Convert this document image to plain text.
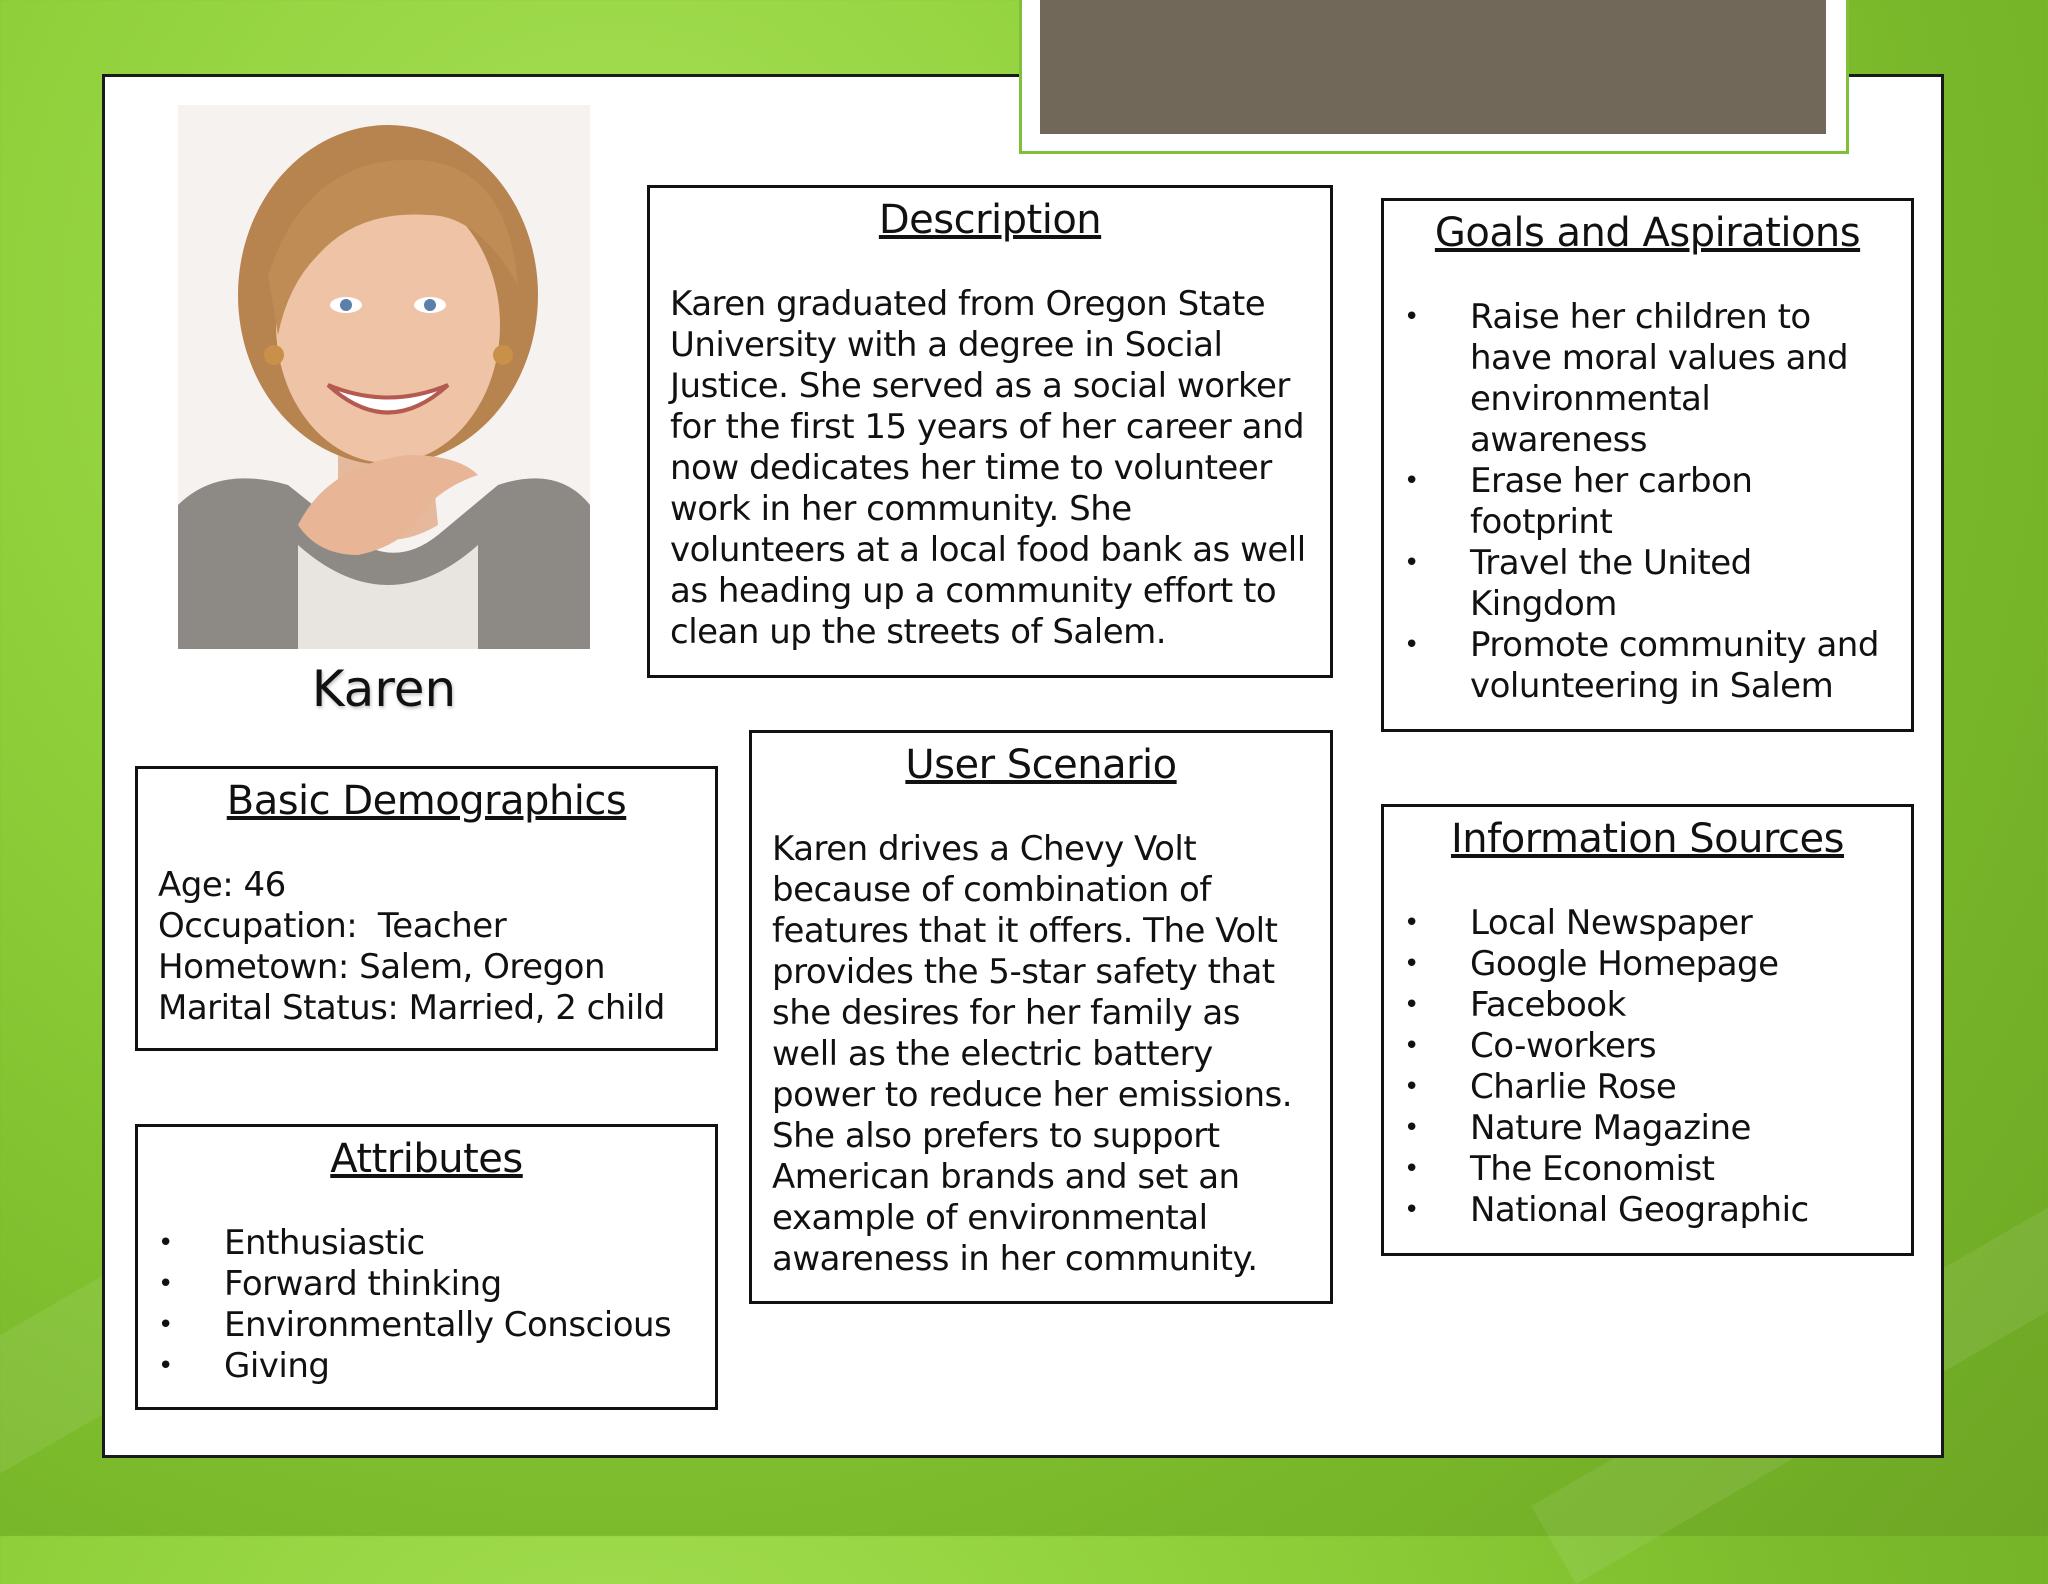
Karen
Description
Karen graduated from Oregon State University with a degree in Social Justice. She served as a social worker for the first 15 years of her career and now dedicates her time to volunteer work in her community. She volunteers at a local food bank as well as heading up a community effort to clean up the streets of Salem.
Goals and Aspirations
• Raise her children to have moral values and environmental awareness
• Erase her carbon footprint
• Travel the United Kingdom
• Promote community and volunteering in Salem
Basic Demographics
Age: 46
Occupation:  Teacher
Hometown: Salem, Oregon
Marital Status: Married, 2 child
User Scenario
Karen drives a Chevy Volt because of combination of features that it offers. The Volt provides the 5-star safety that she desires for her family as well as the electric battery power to reduce her emissions. She also prefers to support American brands and set an example of environmental awareness in her community.
Information Sources
• Local Newspaper
• Google Homepage
• Facebook
• Co-workers
• Charlie Rose
• Nature Magazine
• The Economist
• National Geographic
Attributes
• Enthusiastic
• Forward thinking
• Environmentally Conscious
• Giving
